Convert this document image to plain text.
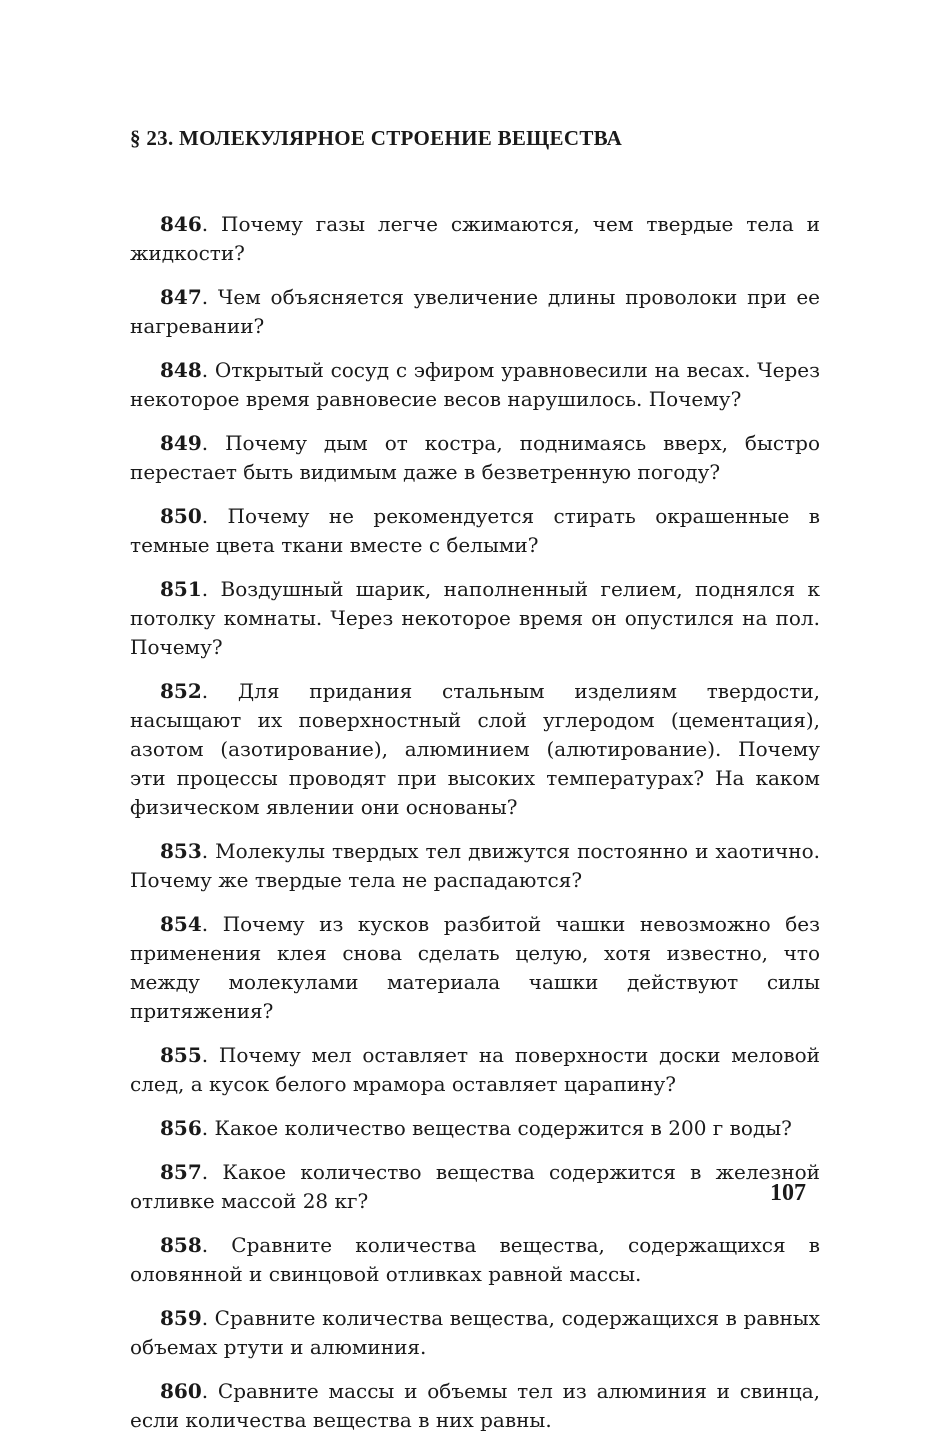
§ 23. МОЛЕКУЛЯРНОЕ СТРОЕНИЕ ВЕЩЕСТВА

846. Почему газы легче сжимаются, чем твердые тела и жидкости?

847. Чем объясняется увеличение длины проволоки при ее нагревании?

848. Открытый сосуд с эфиром уравновесили на весах. Через некоторое время равновесие весов нарушилось. Почему?

849. Почему дым от костра, поднимаясь вверх, быстро перестает быть видимым даже в безветренную погоду?

850. Почему не рекомендуется стирать окрашенные в темные цвета ткани вместе с белыми?

851. Воздушный шарик, наполненный гелием, поднялся к потолку комнаты. Через некоторое время он опустился на пол. Почему?

852. Для придания стальным изделиям твердости, насыщают их поверхностный слой углеродом (цементация), азотом (азотирование), алюминием (алютирование). Почему эти процессы проводят при высоких температурах? На каком физическом явлении они основаны?

853. Молекулы твердых тел движутся постоянно и хаотично. Почему же твердые тела не распадаются?

854. Почему из кусков разбитой чашки невозможно без применения клея снова сделать целую, хотя известно, что между молекулами материала чашки действуют силы притяжения?

855. Почему мел оставляет на поверхности доски меловой след, а кусок белого мрамора оставляет царапину?

856. Какое количество вещества содержится в 200 г воды?

857. Какое количество вещества содержится в железной отливке массой 28 кг?

858. Сравните количества вещества, содержащихся в оловянной и свинцовой отливках равной массы.

859. Сравните количества вещества, содержащихся в равных объемах ртути и алюминия.

860. Сравните массы и объемы тел из алюминия и свинца, если количества вещества в них равны.

107
